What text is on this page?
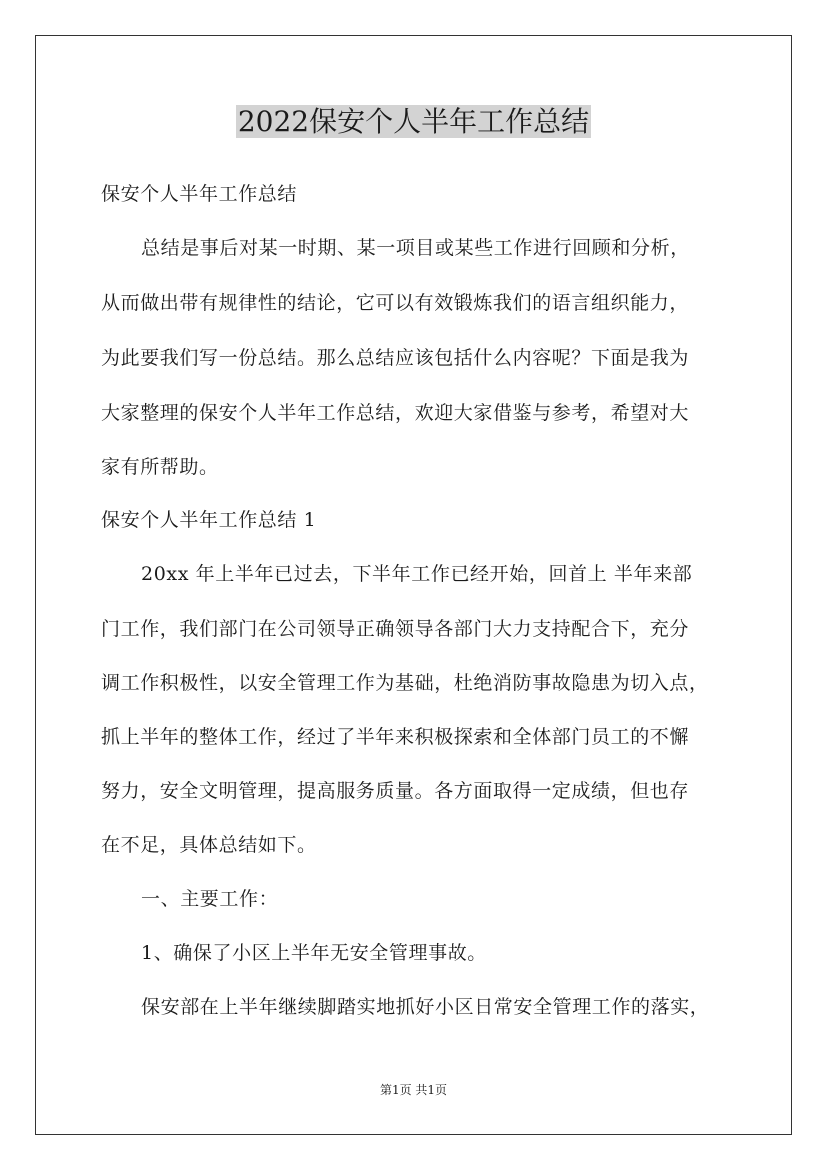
2022保安个人半年工作总结
保安个人半年工作总结
总结是事后对某一时期、某一项目或某些工作进行回顾和分析，
从而做出带有规律性的结论，它可以有效锻炼我们的语言组织能力，
为此要我们写一份总结。那么总结应该包括什么内容呢？下面是我为
大家整理的保安个人半年工作总结，欢迎大家借鉴与参考，希望对大
家有所帮助。
保安个人半年工作总结 1
20xx 年上半年已过去，下半年工作已经开始，回首上 半年来部
门工作，我们部门在公司领导正确领导各部门大力支持配合下，充分
调工作积极性，以安全管理工作为基础，杜绝消防事故隐患为切入点，
抓上半年的整体工作，经过了半年来积极探索和全体部门员工的不懈
努力，安全文明管理，提高服务质量。各方面取得一定成绩，但也存
在不足，具体总结如下。
一、主要工作：
1、确保了小区上半年无安全管理事故。
保安部在上半年继续脚踏实地抓好小区日常安全管理工作的落实，
第1页 共1页
